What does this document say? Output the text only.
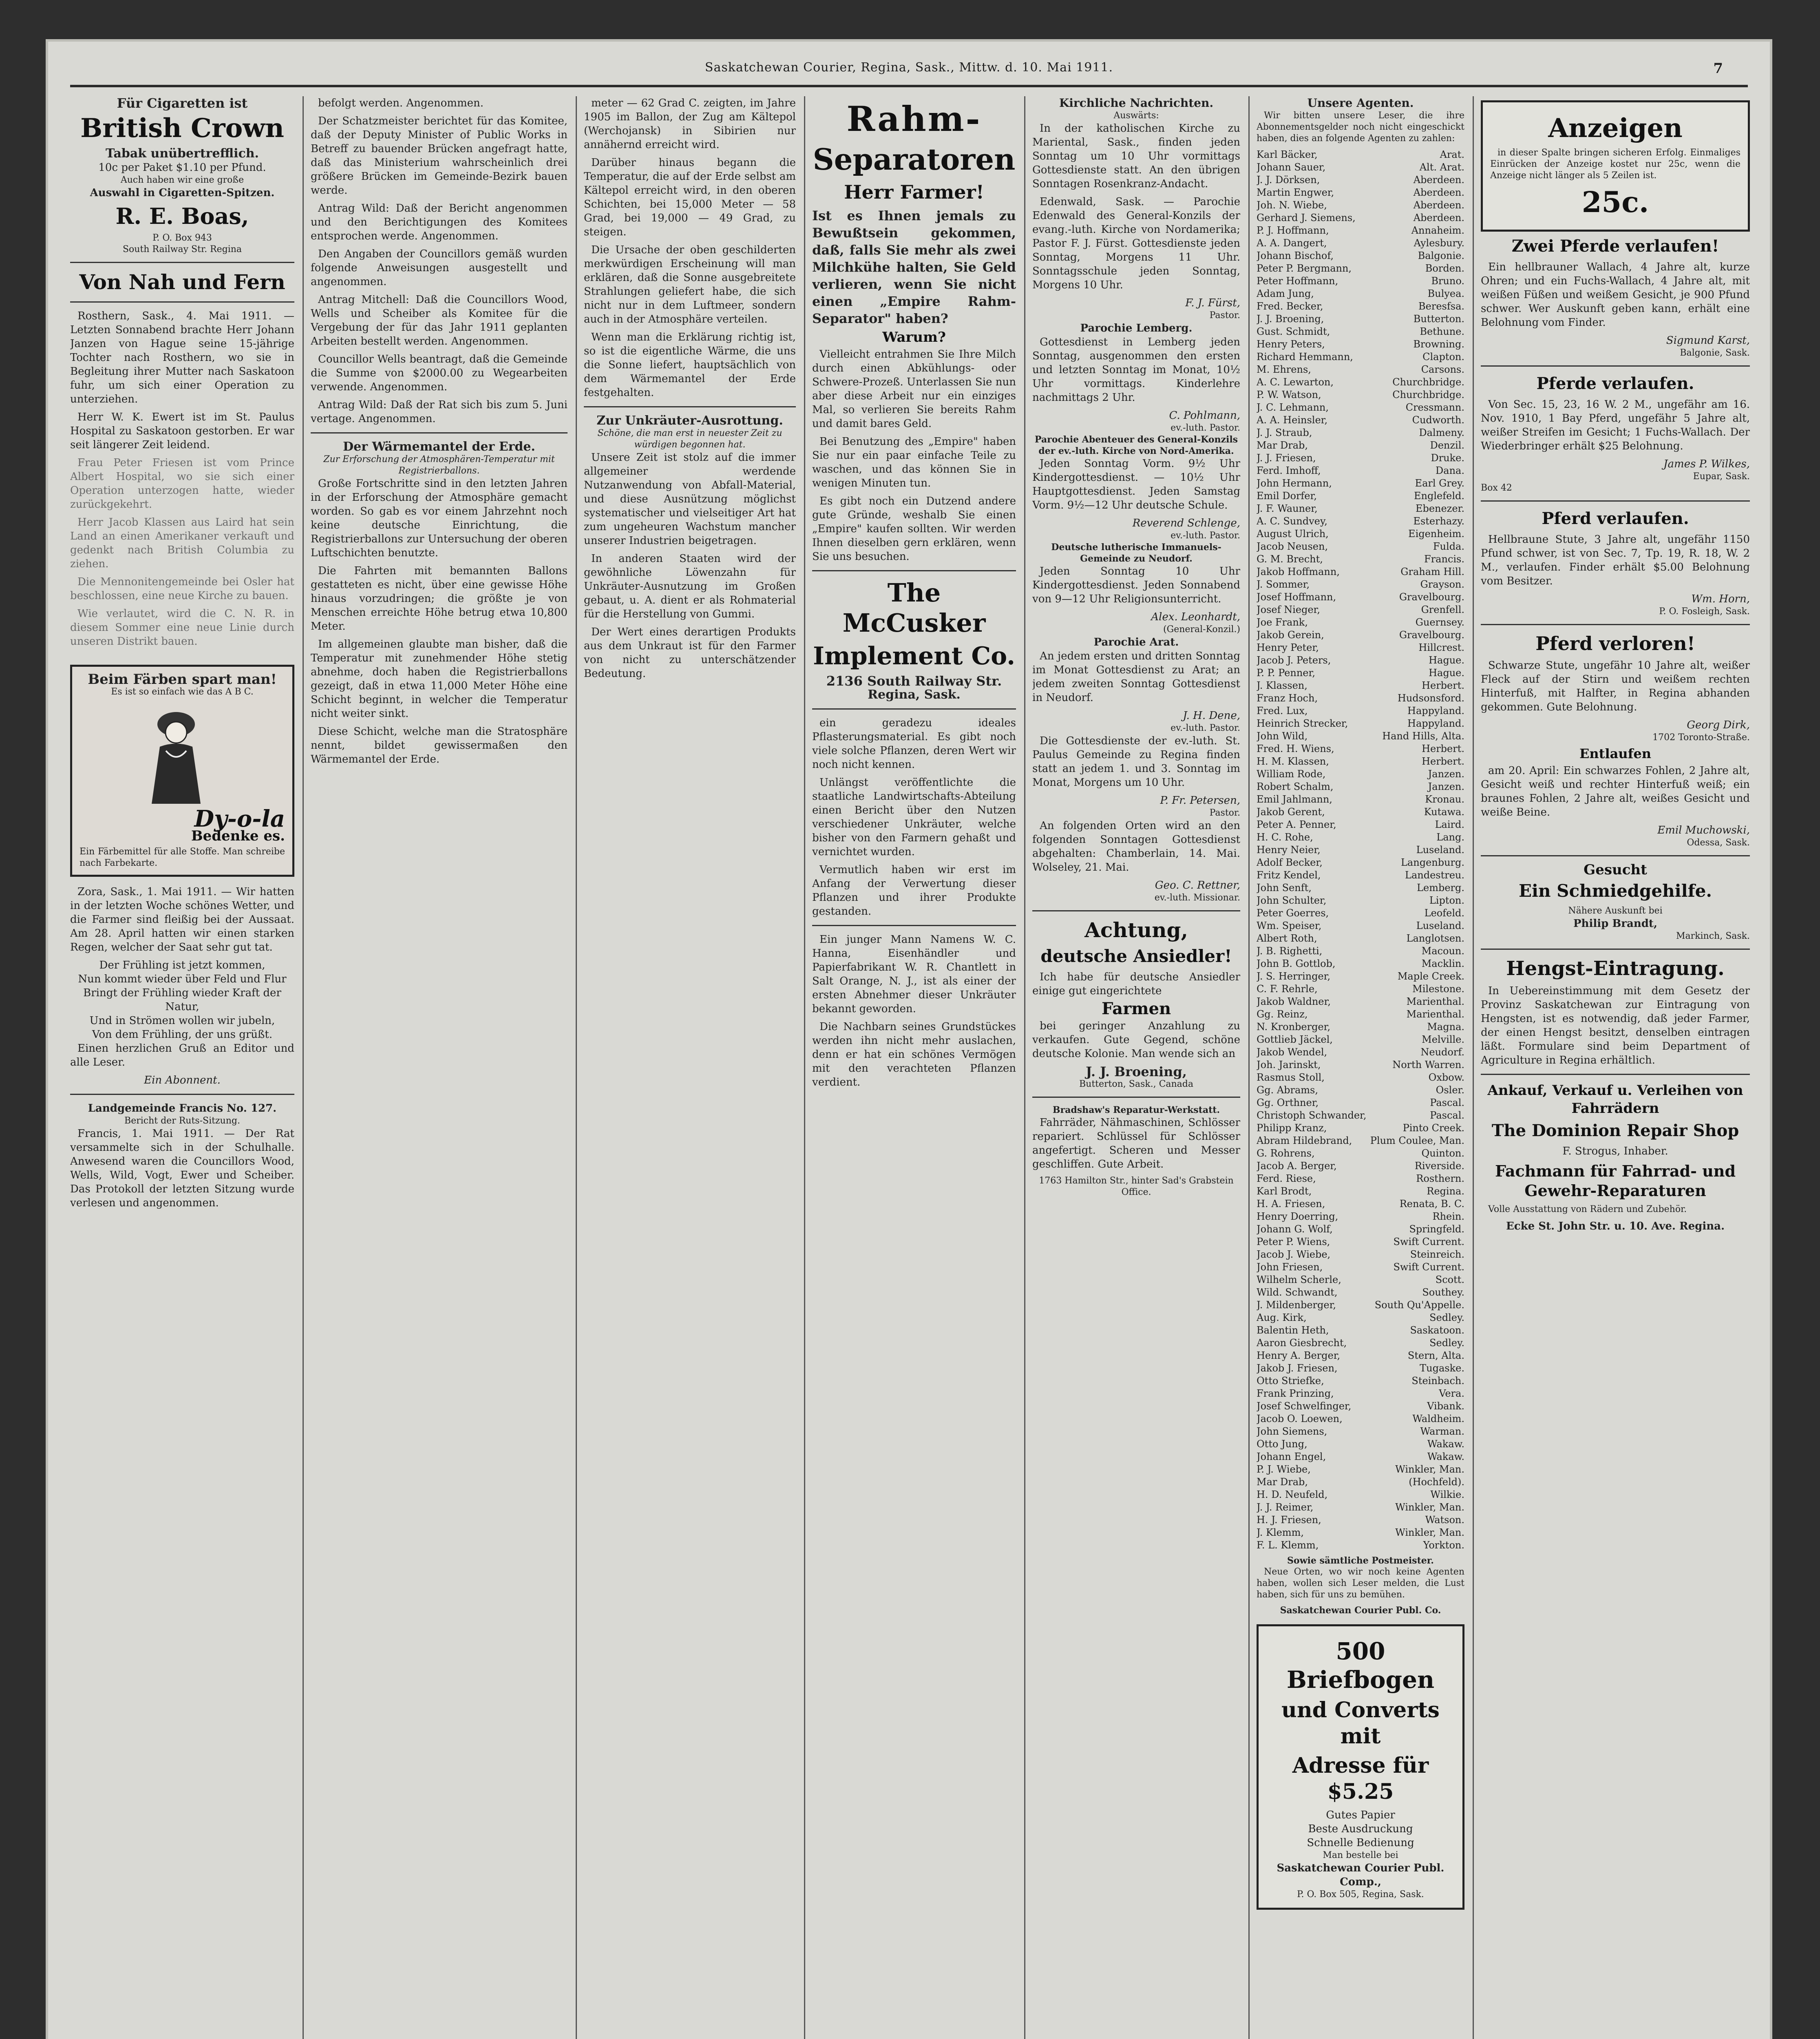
Saskatchewan Courier, Regina, Sask., Mittw. d. 10. Mai 1911.	7
Für Cigaretten ist
British Crown
Tabak unübertrefflich.
10c per Paket $1.10 per Pfund.
Auch haben wir eine große
Auswahl in Cigaretten-Spitzen.
R. E. Boas,
P. O. Box 943
South Railway Str. Regina
Von Nah und Fern

Rosthern, Sask., 4. Mai 1911. — Letzten Sonnabend brachte Herr Johann Janzen von Hague seine 15-jährige Tochter nach Rosthern, wo sie in Begleitung ihrer Mutter nach Saskatoon fuhr, um sich einer Operation zu unterziehen.

Herr W. K. Ewert ist im St. Paulus Hospital zu Saskatoon gestorben. Er war seit längerer Zeit leidend.

Frau Peter Friesen ist vom Prince Albert Hospital, wo sie sich einer Operation unterzogen hatte, wieder zurückgekehrt.

Herr Jacob Klassen aus Laird hat sein Land an einen Amerikaner verkauft und gedenkt nach British Columbia zu ziehen.

Die Mennonitengemeinde bei Osler hat beschlossen, eine neue Kirche zu bauen.

Wie verlautet, wird die C. N. R. in diesem Sommer eine neue Linie durch unseren Distrikt bauen.

Beim Färben spart man!
Es ist so einfach wie das A B C.
Dy-o-la
Bedenke es.
Ein Färbemittel für alle Stoffe. Man schreibe nach Farbekarte.

Zora, Sask., 1. Mai 1911. — Wir hatten in der letzten Woche schönes Wetter, und die Farmer sind fleißig bei der Aussaat. Am 28. April hatten wir einen starken Regen, welcher der Saat sehr gut tat.

Der Frühling ist jetzt kommen,
Nun kommt wieder über Feld und Flur
Bringt der Frühling wieder Kraft der Natur,
Und in Strömen wollen wir jubeln,
Von dem Frühling, der uns grüßt.

Einen herzlichen Gruß an Editor und alle Leser.

Ein Abonnent.
Landgemeinde Francis No. 127.
Bericht der Ruts-Sitzung.

Francis, 1. Mai 1911. — Der Rat versammelte sich in der Schulhalle. Anwesend waren die Councillors Wood, Wells, Wild, Vogt, Ewer und Scheiber. Das Protokoll der letzten Sitzung wurde verlesen und angenommen.

befolgt werden. Angenommen.

Der Schatzmeister berichtet für das Komitee, daß der Deputy Minister of Public Works in Betreff zu bauender Brücken angefragt hatte, daß das Ministerium wahrscheinlich drei größere Brücken im Gemeinde-Bezirk bauen werde.

Antrag Wild: Daß der Bericht angenommen und den Berichtigungen des Komitees entsprochen werde. Angenommen.

Den Angaben der Councillors gemäß wurden folgende Anweisungen ausgestellt und angenommen.

Antrag Mitchell: Daß die Councillors Wood, Wells und Scheiber als Komitee für die Vergebung der für das Jahr 1911 geplanten Arbeiten bestellt werden. Angenommen.

Councillor Wells beantragt, daß die Gemeinde die Summe von $2000.00 zu Wegearbeiten verwende. Angenommen.

Antrag Wild: Daß der Rat sich bis zum 5. Juni vertage. Angenommen.

Der Wärmemantel der Erde.
Zur Erforschung der Atmosphären-Temperatur mit Registrierballons.

Große Fortschritte sind in den letzten Jahren in der Erforschung der Atmosphäre gemacht worden. So gab es vor einem Jahrzehnt noch keine deutsche Einrichtung, die Registrierballons zur Untersuchung der oberen Luftschichten benutzte.

Die Fahrten mit bemannten Ballons gestatteten es nicht, über eine gewisse Höhe hinaus vorzudringen; die größte je von Menschen erreichte Höhe betrug etwa 10,800 Meter.

Im allgemeinen glaubte man bisher, daß die Temperatur mit zunehmender Höhe stetig abnehme, doch haben die Registrierballons gezeigt, daß in etwa 11,000 Meter Höhe eine Schicht beginnt, in welcher die Temperatur nicht weiter sinkt.

Diese Schicht, welche man die Stratosphäre nennt, bildet gewissermaßen den Wärmemantel der Erde.

meter — 62 Grad C. zeigten, im Jahre 1905 im Ballon, der Zug am Kältepol (Werchojansk) in Sibirien nur annähernd erreicht wird.

Darüber hinaus begann die Temperatur, die auf der Erde selbst am Kältepol erreicht wird, in den oberen Schichten, bei 15,000 Meter — 58 Grad, bei 19,000 — 49 Grad, zu steigen.

Die Ursache der oben geschilderten merkwürdigen Erscheinung will man erklären, daß die Sonne ausgebreitete Strahlungen geliefert habe, die sich nicht nur in dem Luftmeer, sondern auch in der Atmosphäre verteilen.

Wenn man die Erklärung richtig ist, so ist die eigentliche Wärme, die uns die Sonne liefert, hauptsächlich von dem Wärmemantel der Erde festgehalten.

Zur Unkräuter-Ausrottung.
Schöne, die man erst in neuester Zeit zu würdigen begonnen hat.

Unsere Zeit ist stolz auf die immer allgemeiner werdende Nutzanwendung von Abfall-Material, und diese Ausnützung möglichst systematischer und vielseitiger Art hat zum ungeheuren Wachstum mancher unserer Industrien beigetragen.

In anderen Staaten wird der gewöhnliche Löwenzahn für Unkräuter-Ausnutzung im Großen gebaut, u. A. dient er als Rohmaterial für die Herstellung von Gummi.

Der Wert eines derartigen Produkts aus dem Unkraut ist für den Farmer von nicht zu unterschätzender Bedeutung.

Rahm-
Separatoren
Herr Farmer!
Ist es Ihnen jemals zu Bewußtsein gekommen, daß, falls Sie mehr als zwei Milchkühe halten, Sie Geld verlieren, wenn Sie nicht einen „Empire Rahm-Separator" haben?
Warum?

Vielleicht entrahmen Sie Ihre Milch durch einen Abkühlungs- oder Schwere-Prozeß. Unterlassen Sie nun aber diese Arbeit nur ein einziges Mal, so verlieren Sie bereits Rahm und damit bares Geld.

Bei Benutzung des „Empire" haben Sie nur ein paar einfache Teile zu waschen, und das können Sie in wenigen Minuten tun.

Es gibt noch ein Dutzend andere gute Gründe, weshalb Sie einen „Empire" kaufen sollten. Wir werden Ihnen dieselben gern erklären, wenn Sie uns besuchen.

The McCusker
Implement Co.
2136 South Railway Str.
Regina, Sask.

ein geradezu ideales Pflasterungsmaterial. Es gibt noch viele solche Pflanzen, deren Wert wir noch nicht kennen.

Unlängst veröffentlichte die staatliche Landwirtschafts-Abteilung einen Bericht über den Nutzen verschiedener Unkräuter, welche bisher von den Farmern gehaßt und vernichtet wurden.

Vermutlich haben wir erst im Anfang der Verwertung dieser Pflanzen und ihrer Produkte gestanden.

Ein junger Mann Namens W. C. Hanna, Eisenhändler und Papierfabrikant W. R. Chantlett in Salt Orange, N. J., ist als einer der ersten Abnehmer dieser Unkräuter bekannt geworden.

Die Nachbarn seines Grundstückes werden ihn nicht mehr auslachen, denn er hat ein schönes Vermögen mit den verachteten Pflanzen verdient.

Kirchliche Nachrichten.
Auswärts:

In der katholischen Kirche zu Mariental, Sask., finden jeden Sonntag um 10 Uhr vormittags Gottesdienste statt. An den übrigen Sonntagen Rosenkranz-Andacht.

Edenwald, Sask. — Parochie Edenwald des General-Konzils der evang.-luth. Kirche von Nordamerika; Pastor F. J. Fürst. Gottesdienste jeden Sonntag, Morgens 11 Uhr. Sonntagsschule jeden Sonntag, Morgens 10 Uhr.

F. J. Fürst,
Pastor.
Parochie Lemberg.

Gottesdienst in Lemberg jeden Sonntag, ausgenommen den ersten und letzten Sonntag im Monat, 10½ Uhr vormittags. Kinderlehre nachmittags 2 Uhr.

C. Pohlmann,
ev.-luth. Pastor.
Parochie Abenteuer des General-Konzils der ev.-luth. Kirche von Nord-Amerika.

Jeden Sonntag Vorm. 9½ Uhr Kindergottesdienst. — 10½ Uhr Hauptgottesdienst. Jeden Samstag Vorm. 9½—12 Uhr deutsche Schule.

Reverend Schlenge,
ev.-luth. Pastor.
Deutsche lutherische Immanuels-Gemeinde zu Neudorf.

Jeden Sonntag 10 Uhr Kindergottesdienst. Jeden Sonnabend von 9—12 Uhr Religionsunterricht.

Alex. Leonhardt,
(General-Konzil.)
Parochie Arat.

An jedem ersten und dritten Sonntag im Monat Gottesdienst zu Arat; an jedem zweiten Sonntag Gottesdienst in Neudorf.

J. H. Dene,
ev.-luth. Pastor.

Die Gottesdienste der ev.-luth. St. Paulus Gemeinde zu Regina finden statt an jedem 1. und 3. Sonntag im Monat, Morgens um 10 Uhr.

P. Fr. Petersen,
Pastor.

An folgenden Orten wird an den folgenden Sonntagen Gottesdienst abgehalten: Chamberlain, 14. Mai. Wolseley, 21. Mai.

Geo. C. Rettner,
ev.-luth. Missionar.
Achtung,
deutsche Ansiedler!

Ich habe für deutsche Ansiedler einige gut eingerichtete

Farmen

bei geringer Anzahlung zu verkaufen. Gute Gegend, schöne deutsche Kolonie. Man wende sich an

J. J. Broening,
Butterton, Sask., Canada
Bradshaw's Reparatur-Werkstatt.

Fahrräder, Nähmaschinen, Schlösser repariert. Schlüssel für Schlösser angefertigt. Scheren und Messer geschliffen. Gute Arbeit.

1763 Hamilton Str., hinter Sad's Grabstein Office.
Unsere Agenten.

Wir bitten unsere Leser, die ihre Abonnementsgelder noch nicht eingeschickt haben, dies an folgende Agenten zu zahlen:

Karl Bäcker,	Arat.
Johann Sauer,	Alt. Arat.
J. J. Dörksen,	Aberdeen.
Martin Engwer,	Aberdeen.
Joh. N. Wiebe,	Aberdeen.
Gerhard J. Siemens,	Aberdeen.
P. J. Hoffmann,	Annaheim.
A. A. Dangert,	Aylesbury.
Johann Bischof,	Balgonie.
Peter P. Bergmann,	Borden.
Peter Hoffmann,	Bruno.
Adam Jung,	Bulyea.
Fred. Becker,	Beresfsa.
J. J. Broening,	Butterton.
Gust. Schmidt,	Bethune.
Henry Peters,	Browning.
Richard Hemmann,	Clapton.
M. Ehrens,	Carsons.
A. C. Lewarton,	Churchbridge.
P. W. Watson,	Churchbridge.
J. C. Lehmann,	Cressmann.
A. A. Heinsler,	Cudworth.
J. J. Straub,	Dalmeny.
Mar Drab,	Denzil.
J. J. Friesen,	Druke.
Ferd. Imhoff,	Dana.
John Hermann,	Earl Grey.
Emil Dorfer,	Englefeld.
J. F. Wauner,	Ebenezer.
A. C. Sundvey,	Esterhazy.
August Ulrich,	Eigenheim.
Jacob Neusen,	Fulda.
G. M. Brecht,	Francis.
Jakob Hoffmann,	Graham Hill.
J. Sommer,	Grayson.
Josef Hoffmann,	Gravelbourg.
Josef Nieger,	Grenfell.
Joe Frank,	Guernsey.
Jakob Gerein,	Gravelbourg.
Henry Peter,	Hillcrest.
Jacob J. Peters,	Hague.
P. P. Penner,	Hague.
J. Klassen,	Herbert.
Franz Hoch,	Hudsonsford.
Fred. Lux,	Happyland.
Heinrich Strecker,	Happyland.
John Wild,	Hand Hills, Alta.
Fred. H. Wiens,	Herbert.
H. M. Klassen,	Herbert.
William Rode,	Janzen.
Robert Schalm,	Janzen.
Emil Jahlmann,	Kronau.
Jakob Gerent,	Kutawa.
Peter A. Penner,	Laird.
H. C. Rohe,	Lang.
Henry Neier,	Luseland.
Adolf Becker,	Langenburg.
Fritz Kendel,	Landestreu.
John Senft,	Lemberg.
John Schulter,	Lipton.
Peter Goerres,	Leofeld.
Wm. Speiser,	Luseland.
Albert Roth,	Langlotsen.
J. B. Righetti,	Macoun.
John B. Gottlob,	Macklin.
J. S. Herringer,	Maple Creek.
C. F. Rehrle,	Milestone.
Jakob Waldner,	Marienthal.
Gg. Reinz,	Marienthal.
N. Kronberger,	Magna.
Gottlieb Jäckel,	Melville.
Jakob Wendel,	Neudorf.
Joh. Jarinskt,	North Warren.
Rasmus Stoll,	Oxbow.
Gg. Abrams,	Osler.
Gg. Orthner,	Pascal.
Christoph Schwander,	Pascal.
Philipp Kranz,	Pinto Creek.
Abram Hildebrand, Plum Coulee, Man.
G. Rohrens,	Quinton.
Jacob A. Berger,	Riverside.
Ferd. Riese,	Rosthern.
Karl Brodt,	Regina.
H. A. Friesen,	Renata, B. C.
Henry Doerring,	Rhein.
Johann G. Wolf,	Springfeld.
Peter P. Wiens,	Swift Current.
Jacob J. Wiebe,	Steinreich.
John Friesen,	Swift Current.
Wilhelm Scherle,	Scott.
Wild. Schwandt,	Southey.
J. Mildenberger,	South Qu'Appelle.
Aug. Kirk,	Sedley.
Balentin Heth,	Saskatoon.
Aaron Giesbrecht,	Sedley.
Henry A. Berger,	Stern, Alta.
Jakob J. Friesen,	Tugaske.
Otto Striefke,	Steinbach.
Frank Prinzing,	Vera.
Josef Schwelfinger,	Vibank.
Jacob O. Loewen,	Waldheim.
John Siemens,	Warman.
Otto Jung,	Wakaw.
Johann Engel,	Wakaw.
P. J. Wiebe,	Winkler, Man.
Mar Drab,	(Hochfeld).
H. D. Neufeld,	Wilkie.
J. J. Reimer,	Winkler, Man.
H. J. Friesen,	Watson.
J. Klemm,	Winkler, Man.
F. L. Klemm,	Yorkton.
Sowie sämtliche Postmeister.

Neue Orten, wo wir noch keine Agenten haben, wollen sich Leser melden, die Lust haben, sich für uns zu bemühen.

Saskatchewan Courier Publ. Co.
500 Briefbogen
und Converts mit
Adresse für $5.25
Gutes Papier
Beste Ausdruckung
Schnelle Bedienung
Man bestelle bei
Saskatchewan Courier Publ. Comp.,
P. O. Box 505, Regina, Sask.
Anzeigen

in dieser Spalte bringen sicheren Erfolg. Einmaliges Einrücken der Anzeige kostet nur 25c, wenn die Anzeige nicht länger als 5 Zeilen ist.

25c.
Zwei Pferde verlaufen!

Ein hellbrauner Wallach, 4 Jahre alt, kurze Ohren; und ein Fuchs-Wallach, 4 Jahre alt, mit weißen Füßen und weißem Gesicht, je 900 Pfund schwer. Wer Auskunft geben kann, erhält eine Belohnung vom Finder.

Sigmund Karst,
Balgonie, Sask.
Pferde verlaufen.

Von Sec. 15, 23, 16 W. 2 M., ungefähr am 16. Nov. 1910, 1 Bay Pferd, ungefähr 5 Jahre alt, weißer Streifen im Gesicht; 1 Fuchs-Wallach. Der Wiederbringer erhält $25 Belohnung.

James P. Wilkes,
Eupar, Sask.
Box 42
Pferd verlaufen.

Hellbraune Stute, 3 Jahre alt, ungefähr 1150 Pfund schwer, ist von Sec. 7, Tp. 19, R. 18, W. 2 M., verlaufen. Finder erhält $5.00 Belohnung vom Besitzer.

Wm. Horn,
P. O. Fosleigh, Sask.
Pferd verloren!

Schwarze Stute, ungefähr 10 Jahre alt, weißer Fleck auf der Stirn und weißem rechten Hinterfuß, mit Halfter, in Regina abhanden gekommen. Gute Belohnung.

Georg Dirk,
1702 Toronto-Straße.
Entlaufen

am 20. April: Ein schwarzes Fohlen, 2 Jahre alt, Gesicht weiß und rechter Hinterfuß weiß; ein braunes Fohlen, 2 Jahre alt, weißes Gesicht und weiße Beine.

Emil Muchowski,
Odessa, Sask.
Gesucht
Ein Schmiedgehilfe.
Nähere Auskunft bei
Philip Brandt,
Markinch, Sask.
Hengst-Eintragung.

In Uebereinstimmung mit dem Gesetz der Provinz Saskatchewan zur Eintragung von Hengsten, ist es notwendig, daß jeder Farmer, der einen Hengst besitzt, denselben eintragen läßt. Formulare sind beim Department of Agriculture in Regina erhältlich.

Ankauf, Verkauf u. Verleihen von Fahrrädern
The Dominion Repair Shop
F. Strogus, Inhaber.
Fachmann für Fahrrad- und Gewehr-Reparaturen

Volle Ausstattung von Rädern und Zubehör.

Ecke St. John Str. u. 10. Ave. Regina.
